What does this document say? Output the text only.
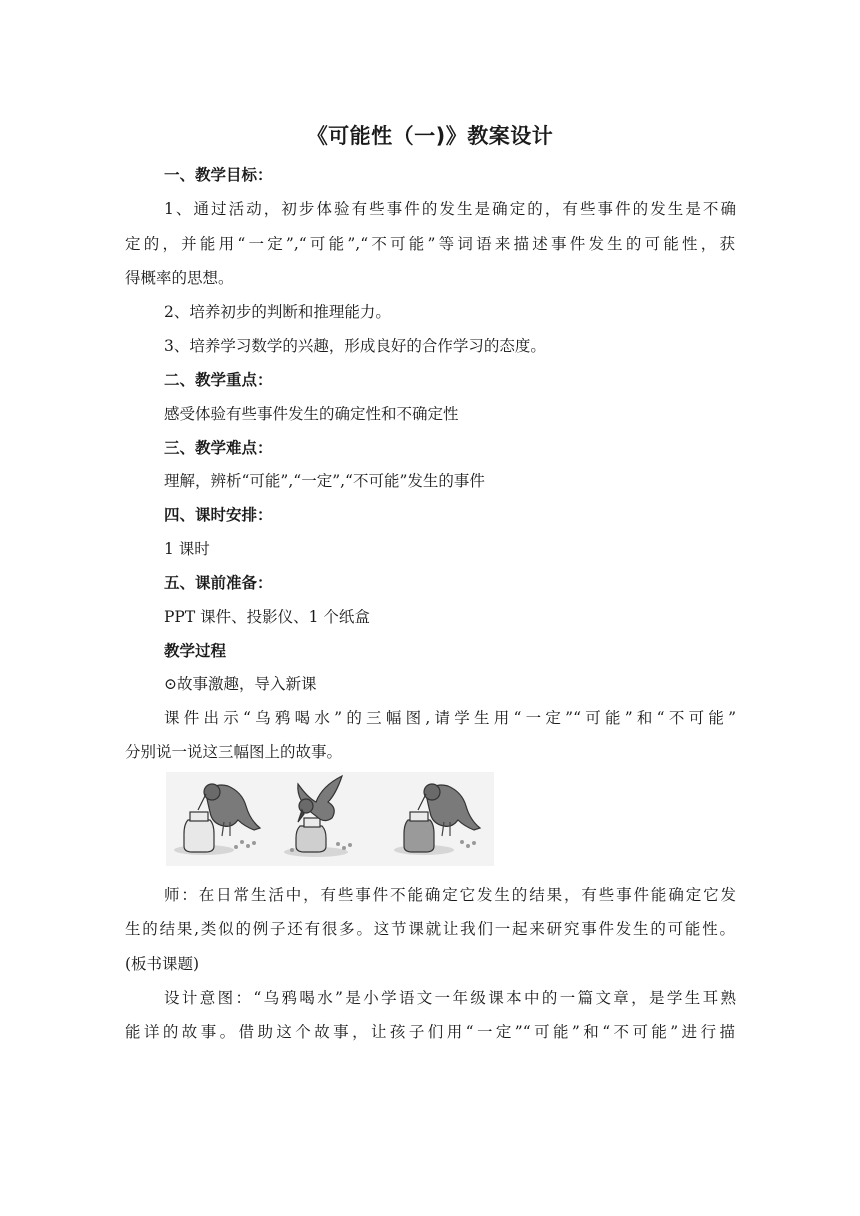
《可能性（一)》教案设计
一、教学目标：
1、通过活动，初步体验有些事件的发生是确定的，有些事件的发生是不确
定的，并能用“一定”,“可能”,“不可能”等词语来描述事件发生的可能性，获
得概率的思想。
2、培养初步的判断和推理能力。
3、培养学习数学的兴趣，形成良好的合作学习的态度。
二、教学重点：
感受体验有些事件发生的确定性和不确定性
三、教学难点：
理解，辨析“可能”,“一定”,“不可能”发生的事件
四、课时安排：
1 课时
五、课前准备：
PPT 课件、投影仪、1 个纸盒
教学过程
⊙故事激趣，导入新课
课件出示“乌鸦喝水”的三幅图,请学生用“一定”“可能”和“不可能”
分别说一说这三幅图上的故事。
师：在日常生活中，有些事件不能确定它发生的结果，有些事件能确定它发
生的结果,类似的例子还有很多。这节课就让我们一起来研究事件发生的可能性。
(板书课题)
设计意图：“乌鸦喝水”是小学语文一年级课本中的一篇文章，是学生耳熟
能详的故事。借助这个故事，让孩子们用“一定”“可能”和“不可能”进行描
